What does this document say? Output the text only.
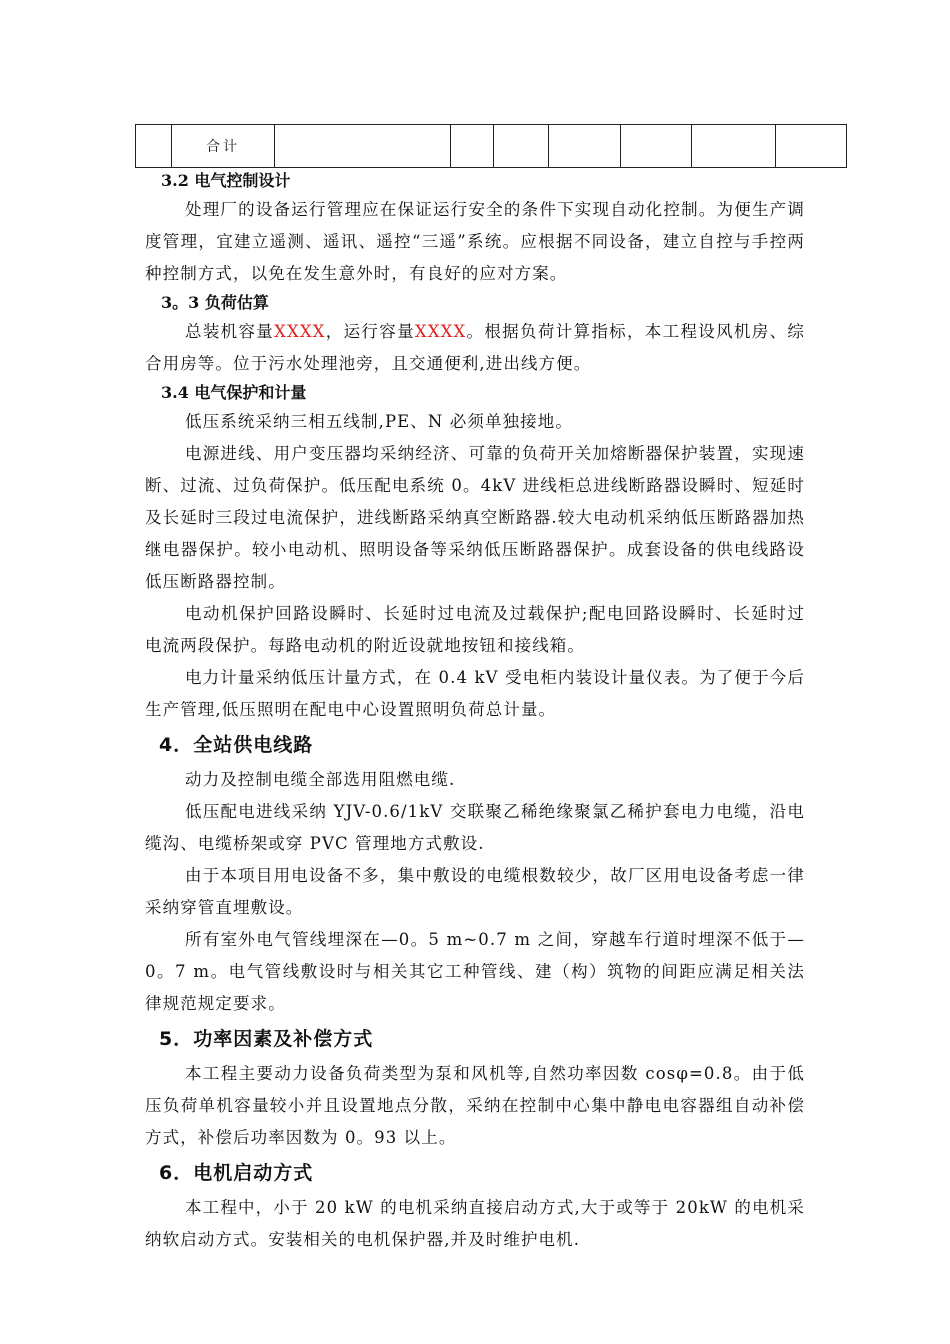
	合计							
3.2 电气控制设计
处理厂的设备运行管理应在保证运行安全的条件下实现自动化控制。为便生产调度管理，宜建立遥测、遥讯、遥控“三遥”系统。应根据不同设备，建立自控与手控两种控制方式，以免在发生意外时，有良好的应对方案。
3。3 负荷估算
总装机容量XXXX，运行容量XXXX。根据负荷计算指标，本工程设风机房、综合用房等。位于污水处理池旁，且交通便利,进出线方便。
3.4 电气保护和计量
低压系统采纳三相五线制,PE、N 必须单独接地。
电源进线、用户变压器均采纳经济、可靠的负荷开关加熔断器保护装置，实现速断、过流、过负荷保护。低压配电系统 0。4kV 进线柜总进线断路器设瞬时、短延时及长延时三段过电流保护，进线断路采纳真空断路器.较大电动机采纳低压断路器加热继电器保护。较小电动机、照明设备等采纳低压断路器保护。成套设备的供电线路设低压断路器控制。
电动机保护回路设瞬时、长延时过电流及过载保护;配电回路设瞬时、长延时过电流两段保护。每路电动机的附近设就地按钮和接线箱。
电力计量采纳低压计量方式，在 0.4 kV 受电柜内装设计量仪表。为了便于今后生产管理,低压照明在配电中心设置照明负荷总计量。
4．全站供电线路
动力及控制电缆全部选用阻燃电缆.
低压配电进线采纳 YJV-0.6/1kV 交联聚乙稀绝缘聚氯乙稀护套电力电缆，沿电缆沟、电缆桥架或穿 PVC 管理地方式敷设.
由于本项目用电设备不多，集中敷设的电缆根数较少，故厂区用电设备考虑一律采纳穿管直埋敷设。
所有室外电气管线埋深在—0。5 m~0.7 m 之间，穿越车行道时埋深不低于—0。7 m。电气管线敷设时与相关其它工种管线、建（构）筑物的间距应满足相关法律规范规定要求。
5．功率因素及补偿方式
本工程主要动力设备负荷类型为泵和风机等,自然功率因数 cosφ=0.8。由于低压负荷单机容量较小并且设置地点分散，采纳在控制中心集中静电电容器组自动补偿方式，补偿后功率因数为 0。93 以上。
6．电机启动方式
本工程中，小于 20 kW 的电机采纳直接启动方式,大于或等于 20kW 的电机采纳软启动方式。安装相关的电机保护器,并及时维护电机.
